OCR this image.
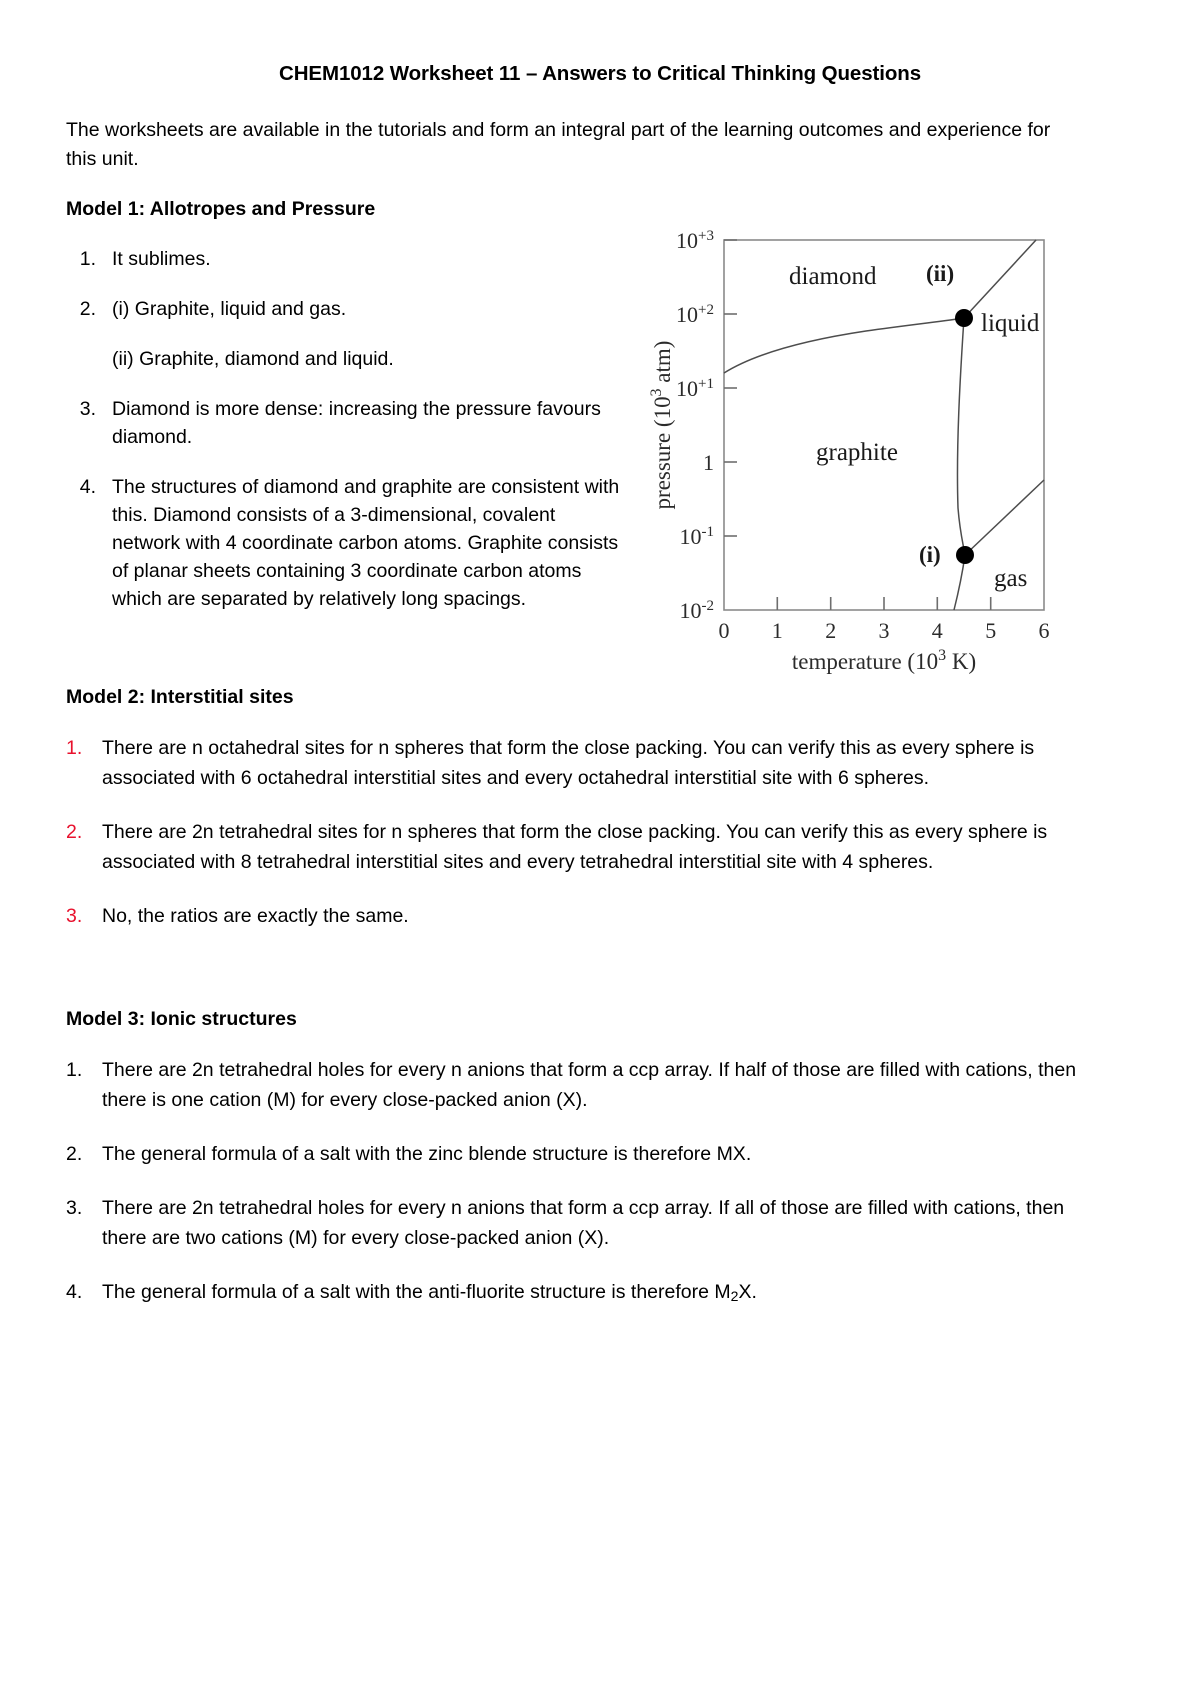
CHEM1012 Worksheet 11 – Answers to Critical Thinking Questions
The worksheets are available in the tutorials and form an integral part of the learning outcomes and experience for this unit.
Model 1: Allotropes and Pressure
1. It sublimes.
2. (i) Graphite, liquid and gas.
(ii) Graphite, diamond and liquid.
3. Diamond is more dense: increasing the pressure favours diamond.
4. The structures of diamond and graphite are consistent with this. Diamond consists of a 3-dimensional, covalent network with 4 coordinate carbon atoms. Graphite consists of planar sheets containing 3 coordinate carbon atoms which are separated by relatively long spacings.
$10^{+3}$
$10^{+2}$
$10^{+1}$
1
$10^{-1}$
$10^{-2}$
0 1 2 3 4 5 6
temperature ($10^3$ K)
pressure ($10^3$ atm)
diamond
graphite
liquid
gas
(ii)
(i)
Model 2: Interstitial sites
1.	There are n octahedral sites for n spheres that form the close packing. You can verify this as every sphere is associated with 6 octahedral interstitial sites and every octahedral interstitial site with 6 spheres.
2.	There are 2n tetrahedral sites for n spheres that form the close packing. You can verify this as every sphere is associated with 8 tetrahedral interstitial sites and every tetrahedral interstitial site with 4 spheres.
3.	No, the ratios are exactly the same.
Model 3: Ionic structures
1.	There are 2n tetrahedral holes for every n anions that form a ccp array. If half of those are filled with cations, then there is one cation (M) for every close-packed anion (X).
2.	The general formula of a salt with the zinc blende structure is therefore MX.
3.	There are 2n tetrahedral holes for every n anions that form a ccp array. If all of those are filled with cations, then there are two cations (M) for every close-packed anion (X).
4.	The general formula of a salt with the anti-fluorite structure is therefore $M_2X$.
